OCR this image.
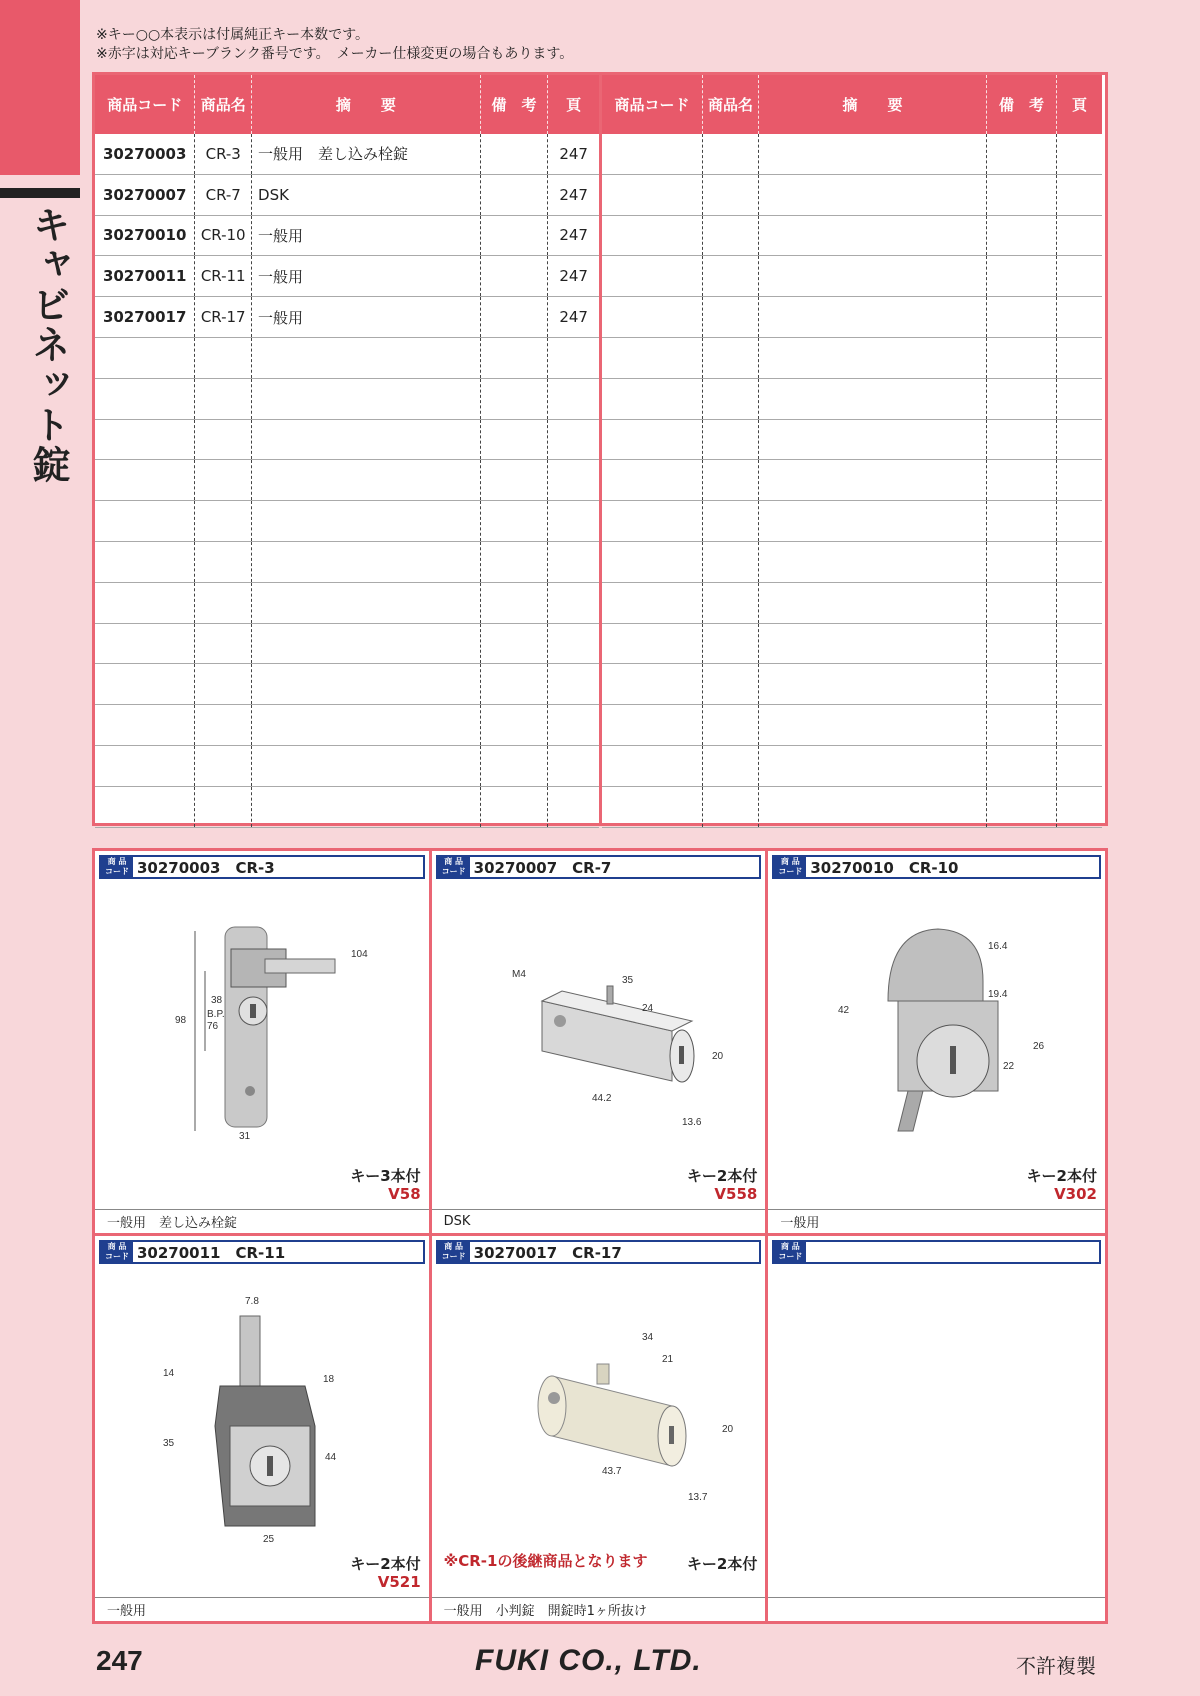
キャビネット錠
※キー○○本表示は付属純正キー本数です。
※赤字は対応キーブランク番号です。　メーカー仕様変更の場合もあります。
商品コード	商品名	摘　　要	備　考	頁
30270003	CR-3	一般用　差し込み栓錠	247
30270007	CR-7	DSK	247
30270010 CR-10 一般用	247
30270011 CR-11 一般用	247
30270017 CR-17 一般用	247
商品コード	商品名	摘　　要	備　考	頁
商 品
コード 30270003　CR-3
104
38
98
B.P.
76
31
キー3本付
V58
一般用　差し込み栓錠
商 品
コード 30270007　CR-7
M4
35
24
20
44.2
13.6
キー2本付
V558
DSK
商 品
コード 30270010　CR-10
16.4
19.4
42
26
22
キー2本付
V302
一般用
商 品
コード 30270011　CR-11
7.8
14
18
35
44
25
キー2本付
V521
一般用
商 品
コード 30270017　CR-17
34
21
20
43.7
13.7
※CR-1の後継商品となります	キー2本付
一般用　小判錠　開錠時1ヶ所抜け
商 品
コード
247	FUKI CO., LTD.	不許複製
